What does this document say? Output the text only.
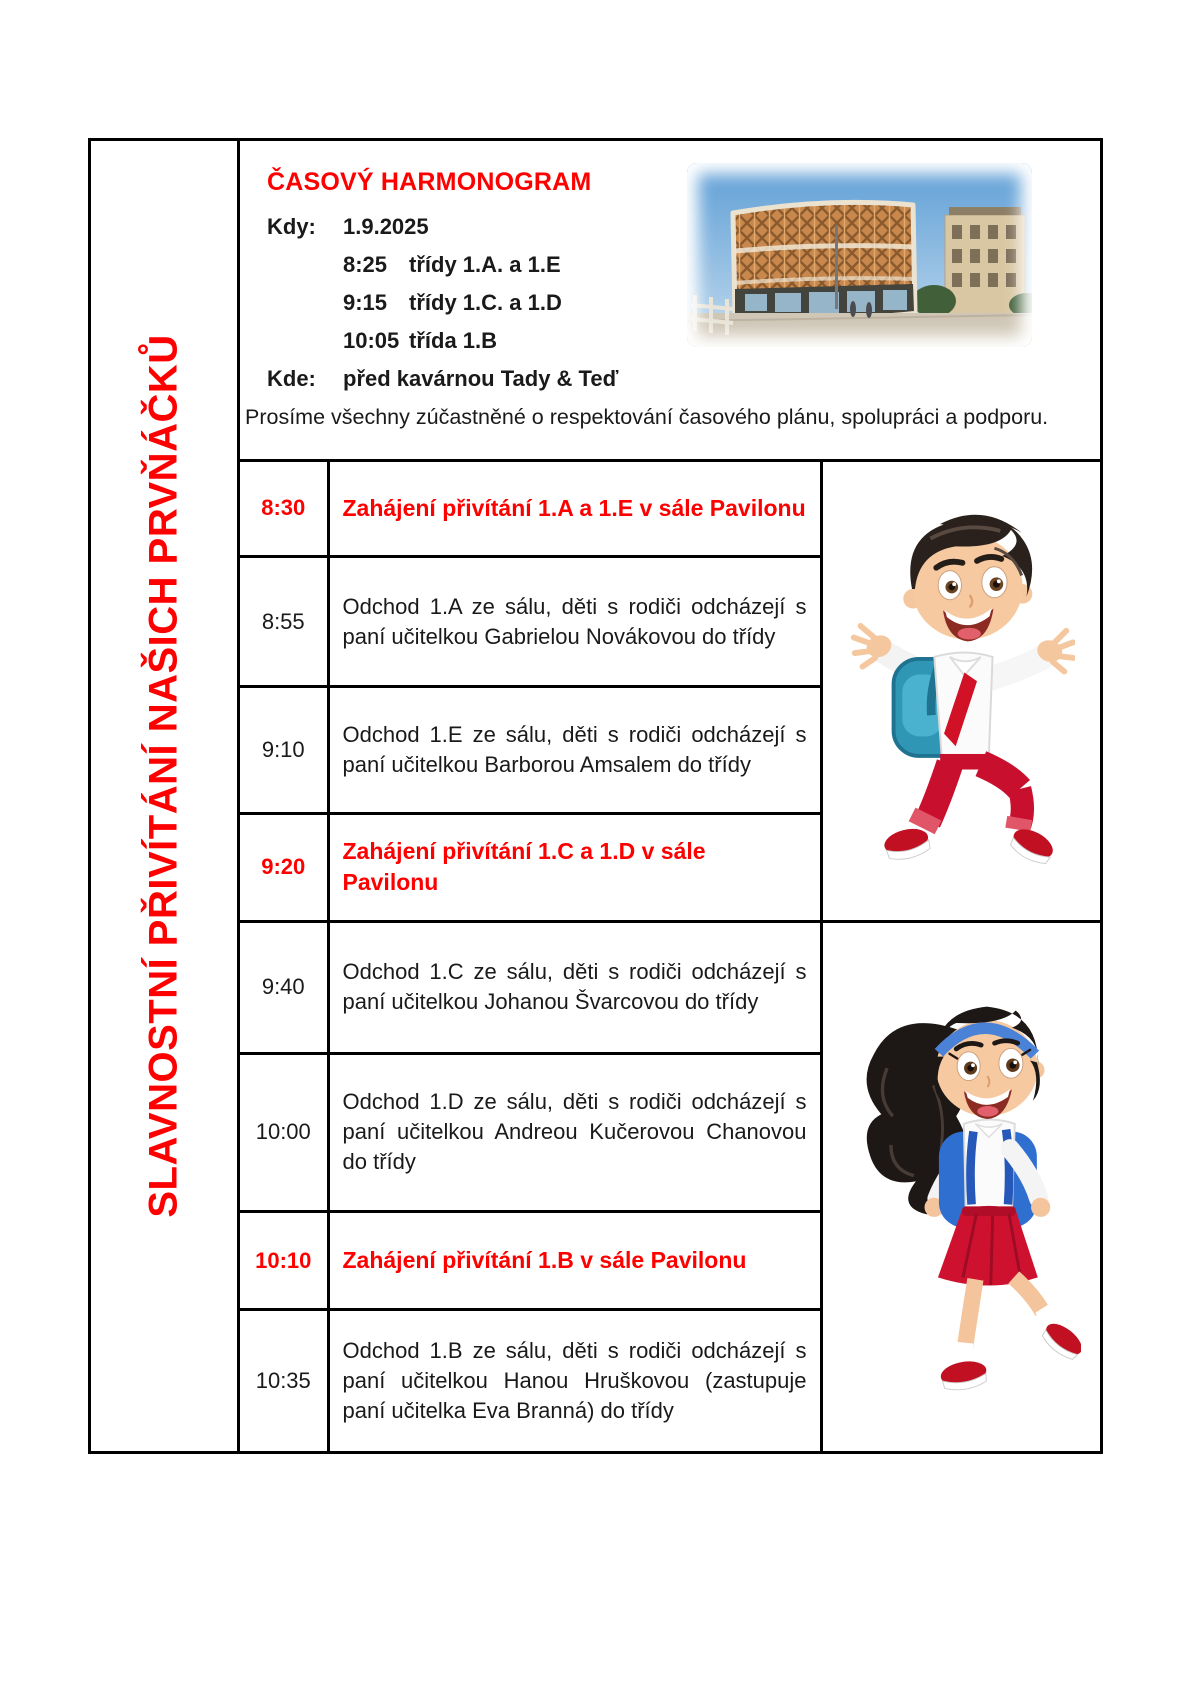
SLAVNOSTNÍ PŘIVÍTÁNÍ NAŠICH PRVŇÁČKŮ
ČASOVÝ HARMONOGRAM
Kdy:	1.9.2025
8:25 třídy 1.A. a 1.E
9:15 třídy 1.C. a 1.D
10:05 třída 1.B
Kde:	před kavárnou Tady & Teď
Prosíme všechny zúčastněné o respektování časového plánu, spolupráci a podporu.
8:30	Zahájení přivítání 1.A a 1.E v sále Pavilonu	
8:55	Odchod 1.A ze sálu, děti s rodiči odcházejí s paní učitelkou Gabrielou Novákovou do třídy	
9:10	Odchod 1.E ze sálu, děti s rodiči odcházejí s paní učitelkou Barborou Amsalem do třídy	
9:20	Zahájení přivítání 1.C a 1.D v sále Pavilonu	
9:40	Odchod 1.C ze sálu, děti s rodiči odcházejí s paní učitelkou Johanou Švarcovou do třídy	
10:00	Odchod 1.D ze sálu, děti s rodiči odcházejí s paní učitelkou Andreou Kučerovou Chanovou do třídy	
10:10	Zahájení přivítání 1.B v sále Pavilonu	
10:35	Odchod 1.B ze sálu, děti s rodiči odcházejí s paní učitelkou Hanou Hruškovou (zastupuje paní učitelka Eva Branná) do třídy	
